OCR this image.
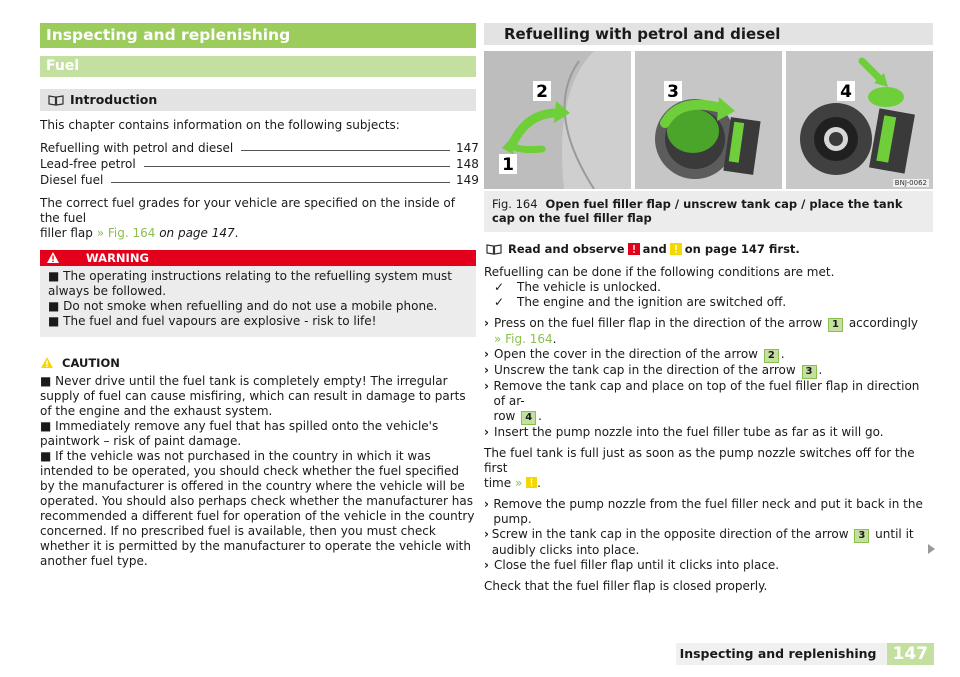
Inspecting and replenishing
Fuel
Introduction

This chapter contains information on the following subjects:

Refuelling with petrol and diesel	147
Lead-free petrol	148
Diesel fuel	149

The correct fuel grades for your vehicle are specified on the inside of the fuel
filler flap » Fig. 164 on page 147.

WARNING
■ The operating instructions relating to the refuelling system must always be followed.
■ Do not smoke when refuelling and do not use a mobile phone.
■ The fuel and fuel vapours are explosive - risk to life!
CAUTION
■ Never drive until the fuel tank is completely empty! The irregular supply of fuel can cause misfiring, which can result in damage to parts of the engine and the exhaust system.
■ Immediately remove any fuel that has spilled onto the vehicle's paintwork – risk of paint damage.
■ If the vehicle was not purchased in the country in which it was intended to be operated, you should check whether the fuel specified by the manufacturer is offered in the country where the vehicle will be operated. You should also perhaps check whether the manufacturer has recommended a different fuel for operation of the vehicle in the country concerned. If no prescribed fuel is available, then you must check whether it is permitted by the manufacturer to operate the vehicle with another fuel type.
Refuelling with petrol and diesel
2
1
3	4
BNJ-0062
Fig. 164 Open fuel filler flap / unscrew tank cap / place the tank cap on the fuel filler flap
Read and observe and on page 147 first.

Refuelling can be done if the following conditions are met.

✓	The vehicle is unlocked.
✓	The engine and the ignition are switched off.
› Press on the fuel filler flap in the direction of the arrow 1 accordingly
» Fig. 164.
› Open the cover in the direction of the arrow 2 .
› Unscrew the tank cap in the direction of the arrow 3 .
› Remove the tank cap and place on top of the fuel filler flap in direction of ar-
row 4 .
› Insert the pump nozzle into the fuel filler tube as far as it will go.

The fuel tank is full just as soon as the pump nozzle switches off for the first
time » .

› Remove the pump nozzle from the fuel filler neck and put it back in the pump.
› Screw in the tank cap in the opposite direction of the arrow 3 until it audibly clicks into place.
› Close the fuel filler flap until it clicks into place.

Check that the fuel filler flap is closed properly.

Inspecting and replenishing 147
